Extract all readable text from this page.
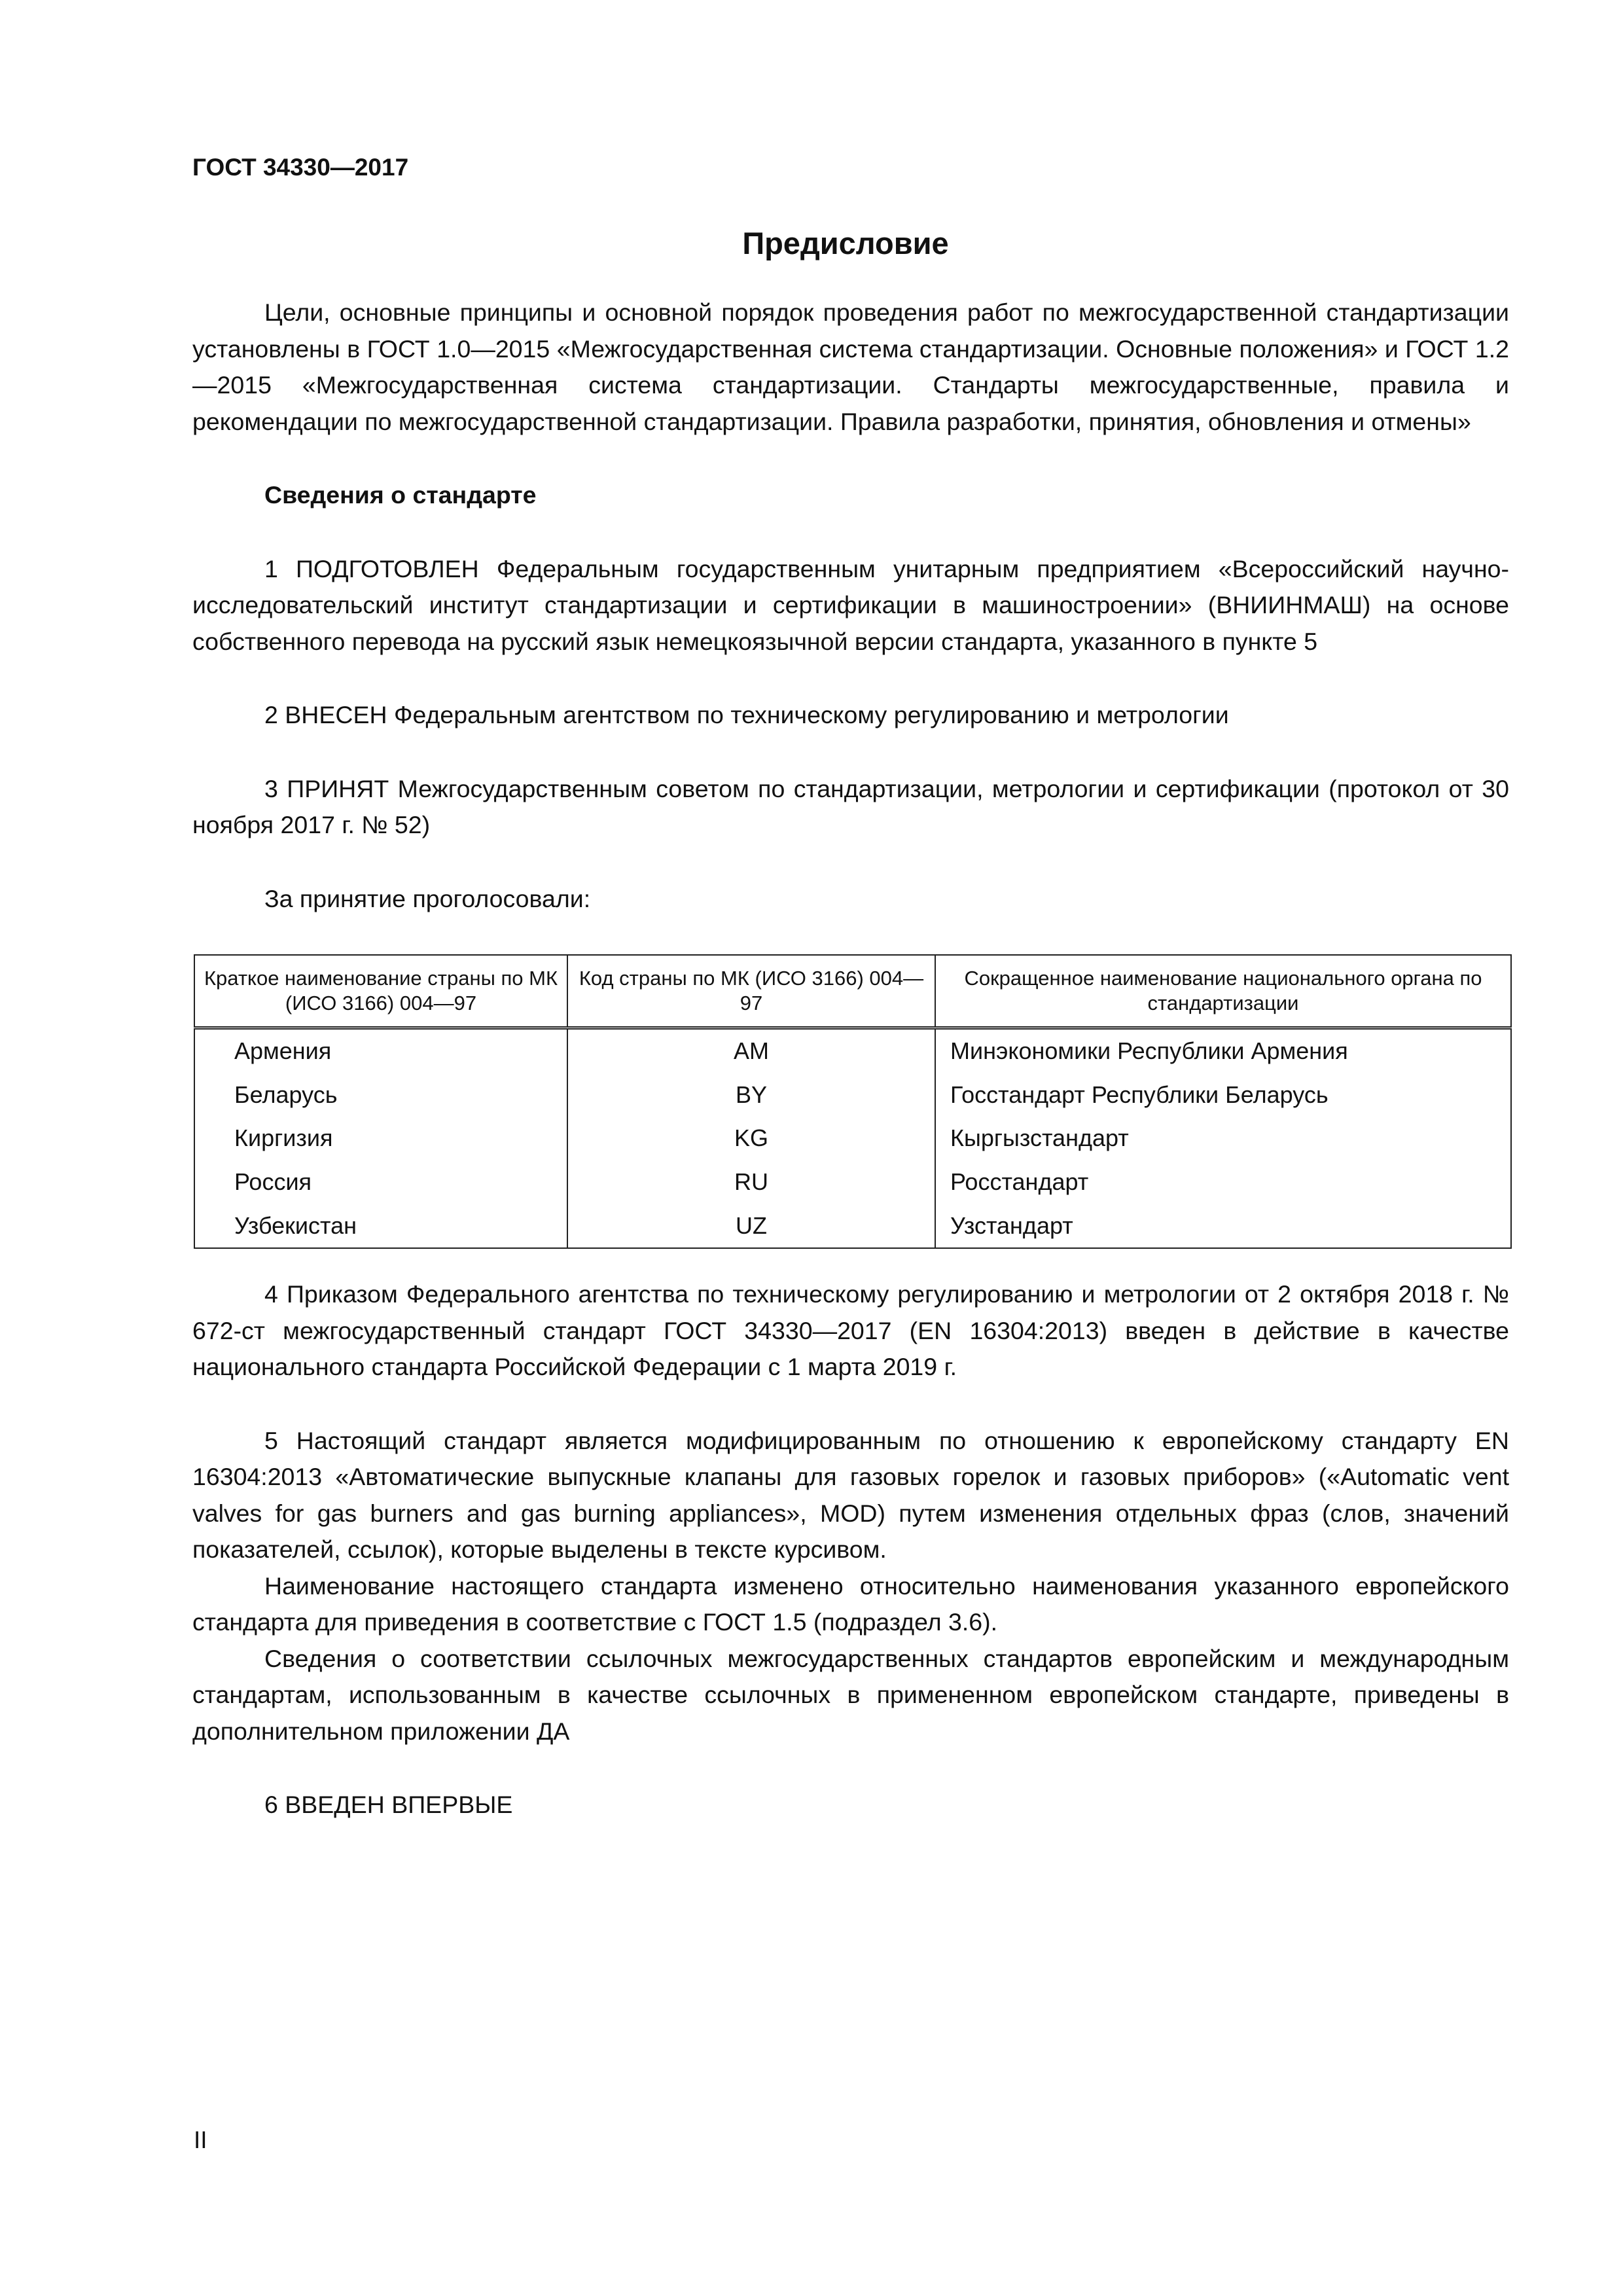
ГОСТ 34330—2017
Предисловие

Цели, основные принципы и основной порядок проведения работ по межгосударственной стандартизации установлены в ГОСТ 1.0—2015 «Межгосударственная система стандартизации. Основные положения» и ГОСТ 1.2—2015 «Межгосударственная система стандартизации. Стандарты межгосударственные, правила и рекомендации по межгосударственной стандартизации. Правила разработки, принятия, обновления и отмены»

Сведения о стандарте

1 ПОДГОТОВЛЕН Федеральным государственным унитарным предприятием «Всероссийский научно-исследовательский институт стандартизации и сертификации в машиностроении» (ВНИИНМАШ) на основе собственного перевода на русский язык немецкоязычной версии стандарта, указанного в пункте 5

2 ВНЕСЕН Федеральным агентством по техническому регулированию и метрологии

3 ПРИНЯТ Межгосударственным советом по стандартизации, метрологии и сертификации (протокол от 30 ноября 2017 г. № 52)

За принятие проголосовали:

Краткое наименование страны по МК (ИСО 3166) 004—97	Код страны по МК (ИСО 3166) 004—97	Сокращенное наименование национального органа по стандартизации
Армения	AM	Минэкономики Республики Армения
Беларусь	BY	Госстандарт Республики Беларусь
Киргизия	KG	Кыргызстандарт
Россия	RU	Росстандарт
Узбекистан	UZ	Узстандарт

4 Приказом Федерального агентства по техническому регулированию и метрологии от 2 октября 2018 г. № 672-ст межгосударственный стандарт ГОСТ 34330—2017 (EN 16304:2013) введен в действие в качестве национального стандарта Российской Федерации с 1 марта 2019 г.

5 Настоящий стандарт является модифицированным по отношению к европейскому стандарту EN 16304:2013 «Автоматические выпускные клапаны для газовых горелок и газовых приборов» («Automatic vent valves for gas burners and gas burning appliances», MOD) путем изменения отдельных фраз (слов, значений показателей, ссылок), которые выделены в тексте курсивом.

Наименование настоящего стандарта изменено относительно наименования указанного европейского стандарта для приведения в соответствие с ГОСТ 1.5 (подраздел 3.6).

Сведения о соответствии ссылочных межгосударственных стандартов европейским и международным стандартам, использованным в качестве ссылочных в примененном европейском стандарте, приведены в дополнительном приложении ДА

6 ВВЕДЕН ВПЕРВЫЕ

II
